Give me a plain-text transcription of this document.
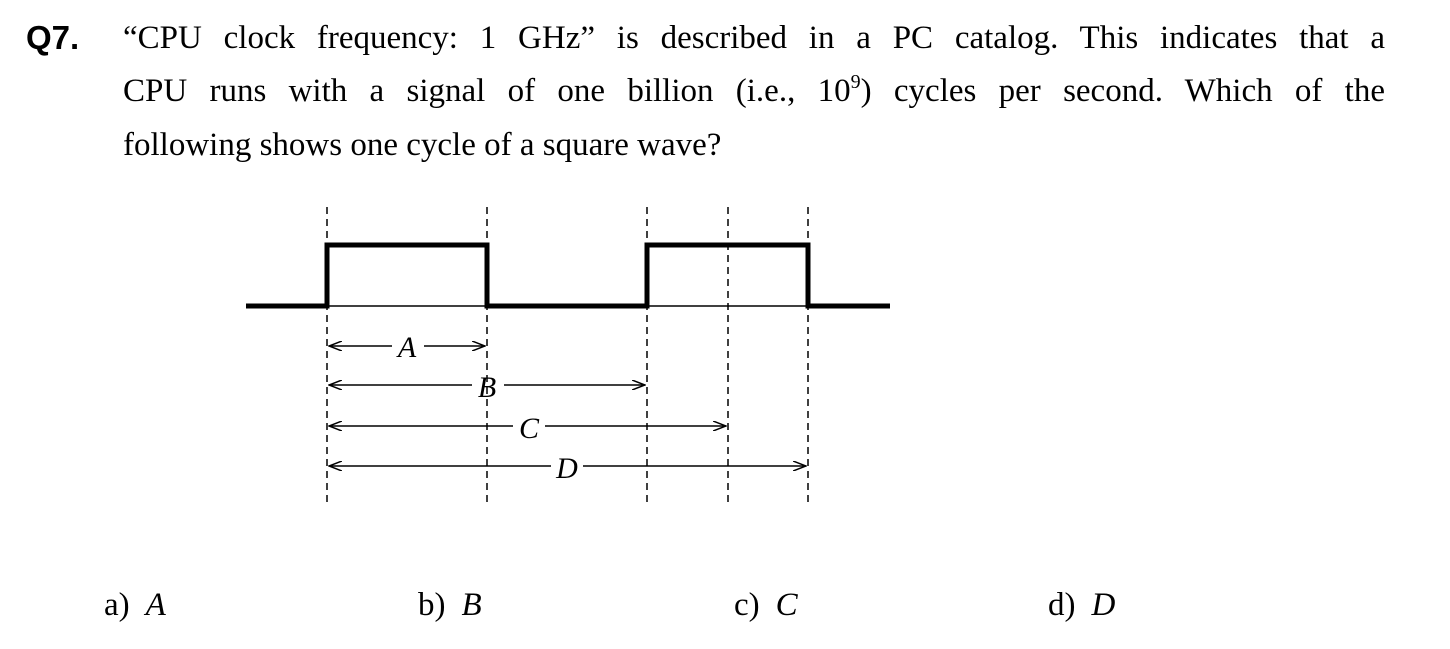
Q7. “CPU clock frequency: 1 GHz” is described in a PC catalog. This indicates that a
CPU runs with a signal of one billion (i.e., $10^9$) cycles per second. Which of the
following shows one cycle of a square wave?
A
B
C
D
a) A	b) B	c) C	d) D
